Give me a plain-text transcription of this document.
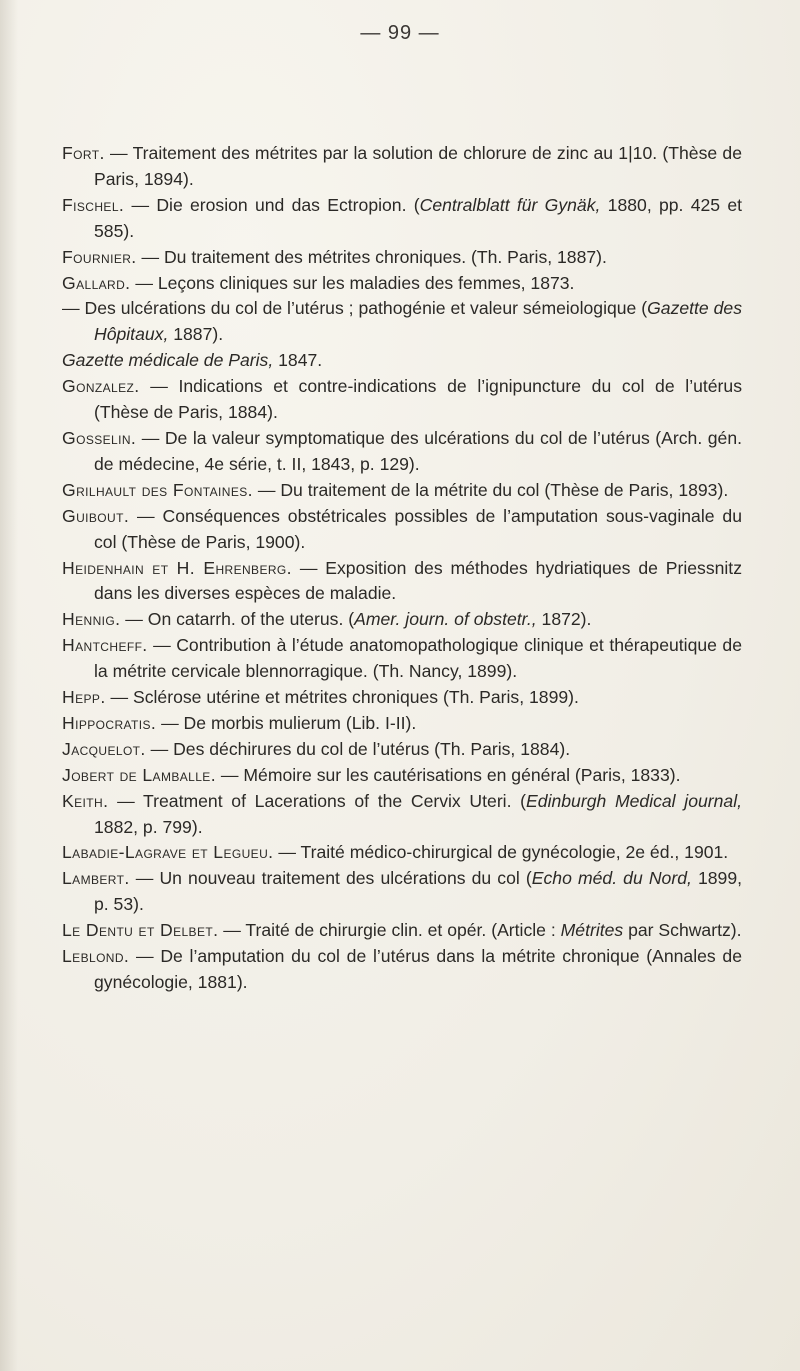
— 99 —
Fort. — Traitement des métrites par la solution de chlorure de zinc au 1|10. (Thèse de Paris, 1894).
Fischel. — Die erosion und das Ectropion. (Centralblatt für Gynäk, 1880, pp. 425 et 585).
Fournier. — Du traitement des métrites chroniques. (Th. Paris, 1887).
Gallard. — Leçons cliniques sur les maladies des femmes, 1873.
— Des ulcérations du col de l’utérus ; pathogénie et valeur sémeiologique (Gazette des Hôpitaux, 1887).
Gazette médicale de Paris, 1847.
Gonzalez. — Indications et contre-indications de l’ignipuncture du col de l’utérus (Thèse de Paris, 1884).
Gosselin. — De la valeur symptomatique des ulcérations du col de l’utérus (Arch. gén. de médecine, 4e série, t. II, 1843, p. 129).
Grilhault des Fontaines. — Du traitement de la métrite du col (Thèse de Paris, 1893).
Guibout. — Conséquences obstétricales possibles de l’amputation sous-vaginale du col (Thèse de Paris, 1900).
Heidenhain et H. Ehrenberg. — Exposition des méthodes hydriatiques de Priessnitz dans les diverses espèces de maladie.
Hennig. — On catarrh. of the uterus. (Amer. journ. of obstetr., 1872).
Hantcheff. — Contribution à l’étude anatomopathologique clinique et thérapeutique de la métrite cervicale blennorragique. (Th. Nancy, 1899).
Hepp. — Sclérose utérine et métrites chroniques (Th. Paris, 1899).
Hippocratis. — De morbis mulierum (Lib. I-II).
Jacquelot. — Des déchirures du col de l’utérus (Th. Paris, 1884).
Jobert de Lamballe. — Mémoire sur les cautérisations en général (Paris, 1833).
Keith. — Treatment of Lacerations of the Cervix Uteri. (Edinburgh Medical journal, 1882, p. 799).
Labadie-Lagrave et Legueu. — Traité médico-chirurgical de gynécologie, 2e éd., 1901.
Lambert. — Un nouveau traitement des ulcérations du col (Echo méd. du Nord, 1899, p. 53).
Le Dentu et Delbet. — Traité de chirurgie clin. et opér. (Article : Métrites par Schwartz).
Leblond. — De l’amputation du col de l’utérus dans la métrite chronique (Annales de gynécologie, 1881).
